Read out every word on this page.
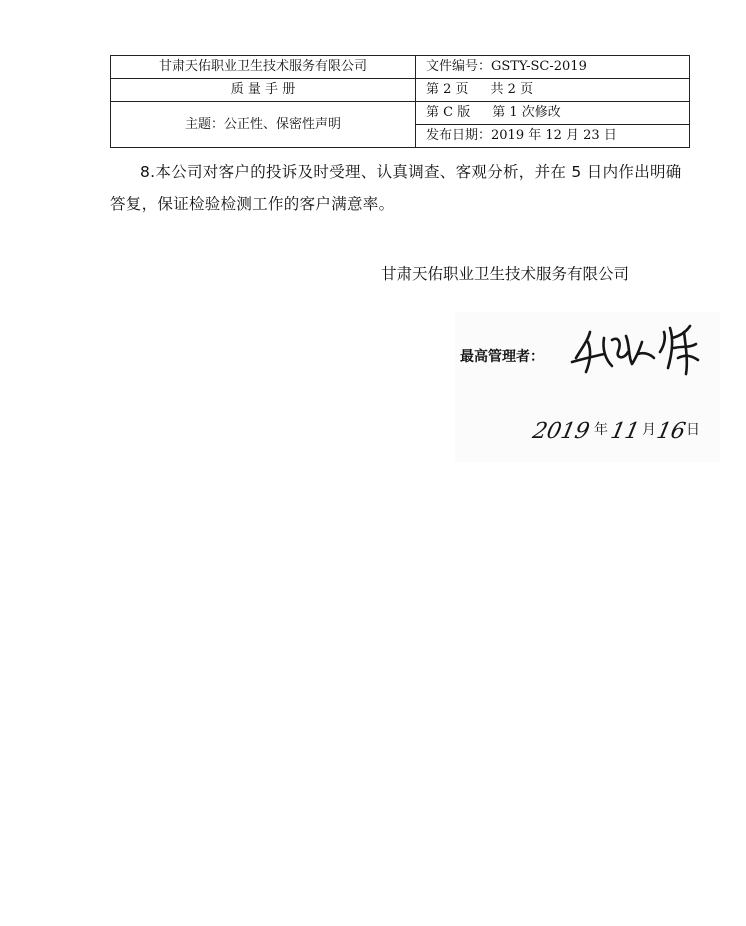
甘肃天佑职业卫生技术服务有限公司	文件编号：GSTY-SC-2019
质 量 手 册	第 2 页 共 2 页
主题：公正性、保密性声明	第 C 版 第 1 次修改
	发布日期：2019 年 12 月 23 日
8.本公司对客户的投诉及时受理、认真调查、客观分析，并在 5 日内作出明确答复，保证检验检测工作的客户满意率。
甘肃天佑职业卫生技术服务有限公司
最高管理者：
2019 年 11 月
16
日
